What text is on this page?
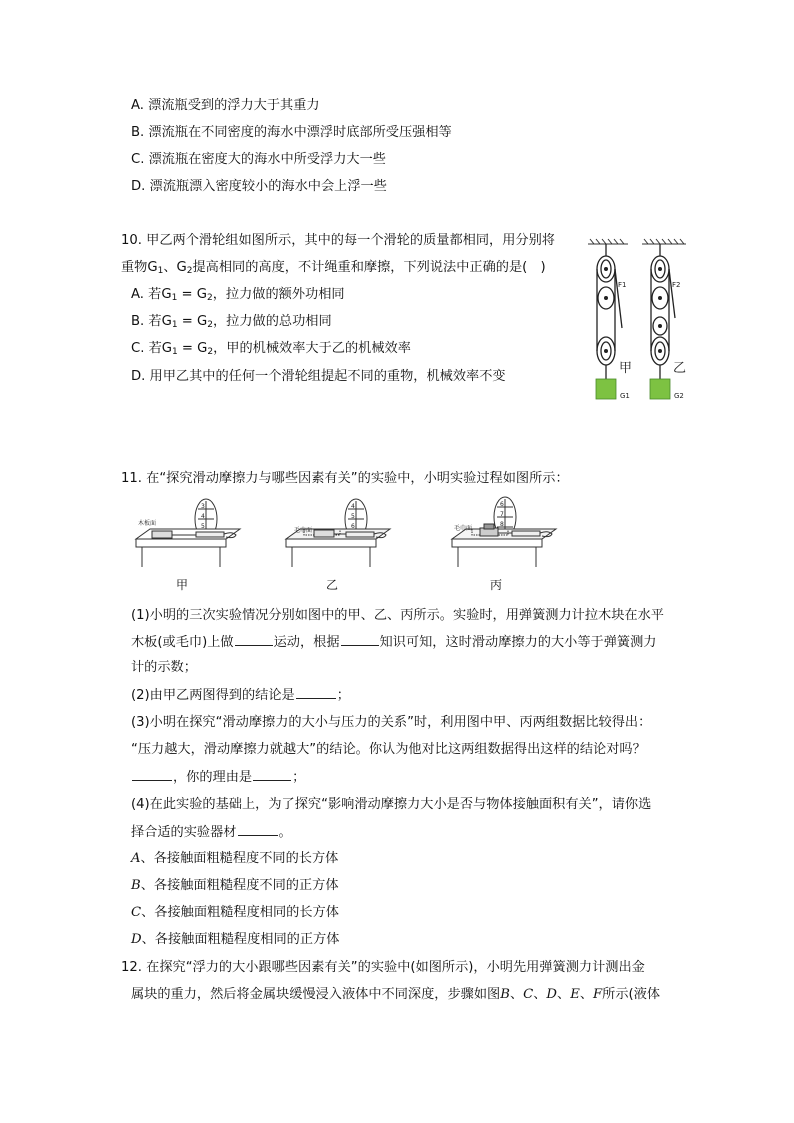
A. 漂流瓶受到的浮力大于其重力
B. 漂流瓶在不同密度的海水中漂浮时底部所受压强相等
C. 漂流瓶在密度大的海水中所受浮力大一些
D. 漂流瓶漂入密度较小的海水中会上浮一些
10. 甲乙两个滑轮组如图所示，其中的每一个滑轮的质量都相同，用分别将
重物$G_1$、$G_2$提高相同的高度，不计绳重和摩擦，下列说法中正确的是(　)
A. 若$G_1 = G_2$，拉力做的额外功相同
B. 若$G_1 = G_2$，拉力做的总功相同
C. 若$G_1 = G_2$，甲的机械效率大于乙的机械效率
D. 用甲乙其中的任何一个滑轮组提起不同的重物，机械效率不变
F1
甲
G1
F2
乙
G2
11. 在“探究滑动摩擦力与哪些因素有关”的实验中，小明实验过程如图所示：
木板面
3
4
5
甲
毛巾面
4
5
6
乙
毛巾面
6
7
8
丙
(1)小明的三次实验情况分别如图中的甲、乙、丙所示。实验时，用弹簧测力计拉木块在水平
木板(或毛巾)上做	运动，根据	知识可知，这时滑动摩擦力的大小等于弹簧测力
计的示数；
(2)由甲乙两图得到的结论是	；
(3)小明在探究“滑动摩擦力的大小与压力的关系”时，利用图中甲、丙两组数据比较得出：
“压力越大，滑动摩擦力就越大”的结论。你认为他对比这两组数据得出这样的结论对吗？
，你的理由是	；
(4)在此实验的基础上，为了探究“影响滑动摩擦力大小是否与物体接触面积有关”，请你选
择合适的实验器材	。
A、各接触面粗糙程度不同的长方体
B、各接触面粗糙程度不同的正方体
C、各接触面粗糙程度相同的长方体
D、各接触面粗糙程度相同的正方体
12. 在探究“浮力的大小跟哪些因素有关”的实验中(如图所示)，小明先用弹簧测力计测出金
属块的重力，然后将金属块缓慢浸入液体中不同深度，步骤如图B、C、D、E、F所示(液体
